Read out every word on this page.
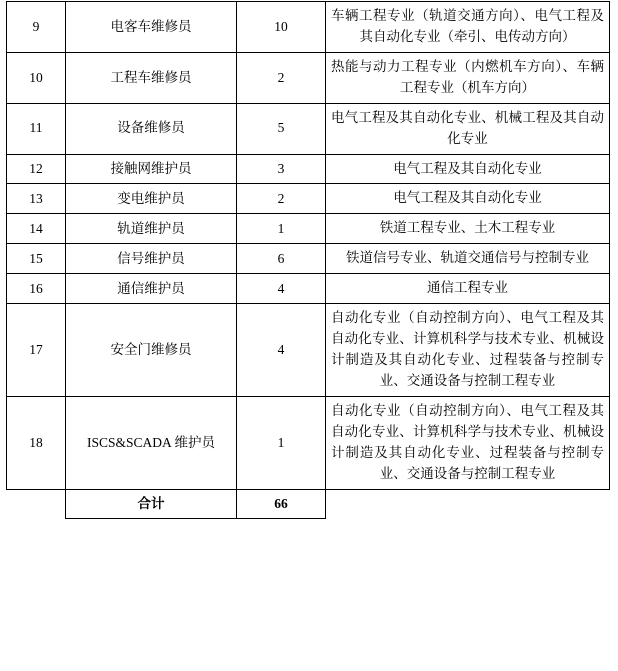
9	电客车维修员	10	车辆工程专业（轨道交通方向）、电气工程及其自动化专业（牵引、电传动方向）

10	工程车维修员	2	热能与动力工程专业（内燃机车方向）、车辆工程专业（机车方向）

11	设备维修员	5	电气工程及其自动化专业、机械工程及其自动化专业

12	接触网维护员	3	电气工程及其自动化专业

13	变电维护员	2	电气工程及其自动化专业

14	轨道维护员	1	铁道工程专业、土木工程专业

15	信号维护员	6	铁道信号专业、轨道交通信号与控制专业

16	通信维护员	4	通信工程专业

17	安全门维修员	4	自动化专业（自动控制方向）、电气工程及其自动化专业、计算机科学与技术专业、机械设计制造及其自动化专业、过程装备与控制专业、交通设备与控制工程专业

18	ISCS&SCADA 维护员	1	自动化专业（自动控制方向）、电气工程及其自动化专业、计算机科学与技术专业、机械设计制造及其自动化专业、过程装备与控制专业、交通设备与控制工程专业

	合计	66	
